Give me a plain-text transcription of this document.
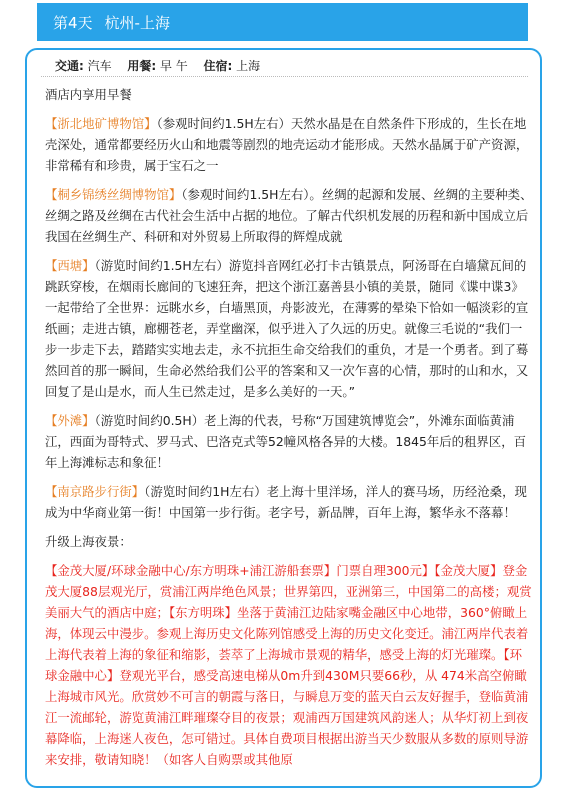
第4天 杭州-上海
交通: 汽车 用餐: 早 午 住宿: 上海

酒店内享用早餐

【浙北地矿博物馆】（参观时间约1.5H左右）天然水晶是在自然条件下形成的，生长在地壳深处，通常都要经历火山和地震等剧烈的地壳运动才能形成。天然水晶属于矿产资源，非常稀有和珍贵，属于宝石之一

【桐乡锦绣丝绸博物馆】（参观时间约1.5H左右）。丝绸的起源和发展、丝绸的主要种类、丝绸之路及丝绸在古代社会生活中占据的地位。了解古代织机发展的历程和新中国成立后我国在丝绸生产、科研和对外贸易上所取得的辉煌成就

【西塘】（游览时间约1.5H左右）游览抖音网红必打卡古镇景点，阿汤哥在白墙黛瓦间的跳跃穿梭，在烟雨长廊间的飞速狂奔，把这个浙江嘉善县小镇的美景，随同《谍中谍3》一起带给了全世界：远眺水乡，白墙黑顶，舟影波光，在薄雾的晕染下恰如一幅淡彩的宣纸画；走进古镇，廊棚苍老，弄堂幽深，似乎进入了久远的历史。就像三毛说的“我们一步一步走下去，踏踏实实地去走，永不抗拒生命交给我们的重负，才是一个勇者。到了蓦然回首的那一瞬间，生命必然给我们公平的答案和又一次乍喜的心情，那时的山和水，又回复了是山是水，而人生已然走过，是多么美好的一天。”

【外滩】（游览时间约0.5H）老上海的代表，号称“万国建筑博览会”，外滩东面临黄浦江，西面为哥特式、罗马式、巴洛克式等52幢风格各异的大楼。1845年后的租界区，百年上海滩标志和象征！

【南京路步行街】（游览时间约1H左右）老上海十里洋场，洋人的赛马场，历经沧桑，现成为中华商业第一街！中国第一步行街。老字号，新品牌，百年上海，繁华永不落幕！

升级上海夜景：

【金茂大厦/环球金融中心/东方明珠+浦江游船套票】门票自理300元】【金茂大厦】登金茂大厦88层观光厅，赏浦江两岸绝色风景；世界第四，亚洲第三，中国第二的高楼；观赏美丽大气的酒店中庭；【东方明珠】坐落于黄浦江边陆家嘴金融区中心地带，360°俯瞰上海，体现云中漫步。参观上海历史文化陈列馆感受上海的历史文化变迁。浦江两岸代表着上海代表着上海的象征和缩影，荟萃了上海城市景观的精华，感受上海的灯光璀璨。【环球金融中心】登观光平台，感受高速电梯从0m升到430M只要66秒，从 474米高空俯瞰上海城市风光。欣赏妙不可言的朝霞与落日，与瞬息万变的蓝天白云友好握手，登临黄浦江一流邮轮，游览黄浦江畔璀璨夺目的夜景；观浦西万国建筑风韵迷人；从华灯初上到夜幕降临，上海迷人夜色，怎可错过。具体自费项目根据出游当天少数服从多数的原则导游来安排，敬请知晓！（如客人自购票或其他原
